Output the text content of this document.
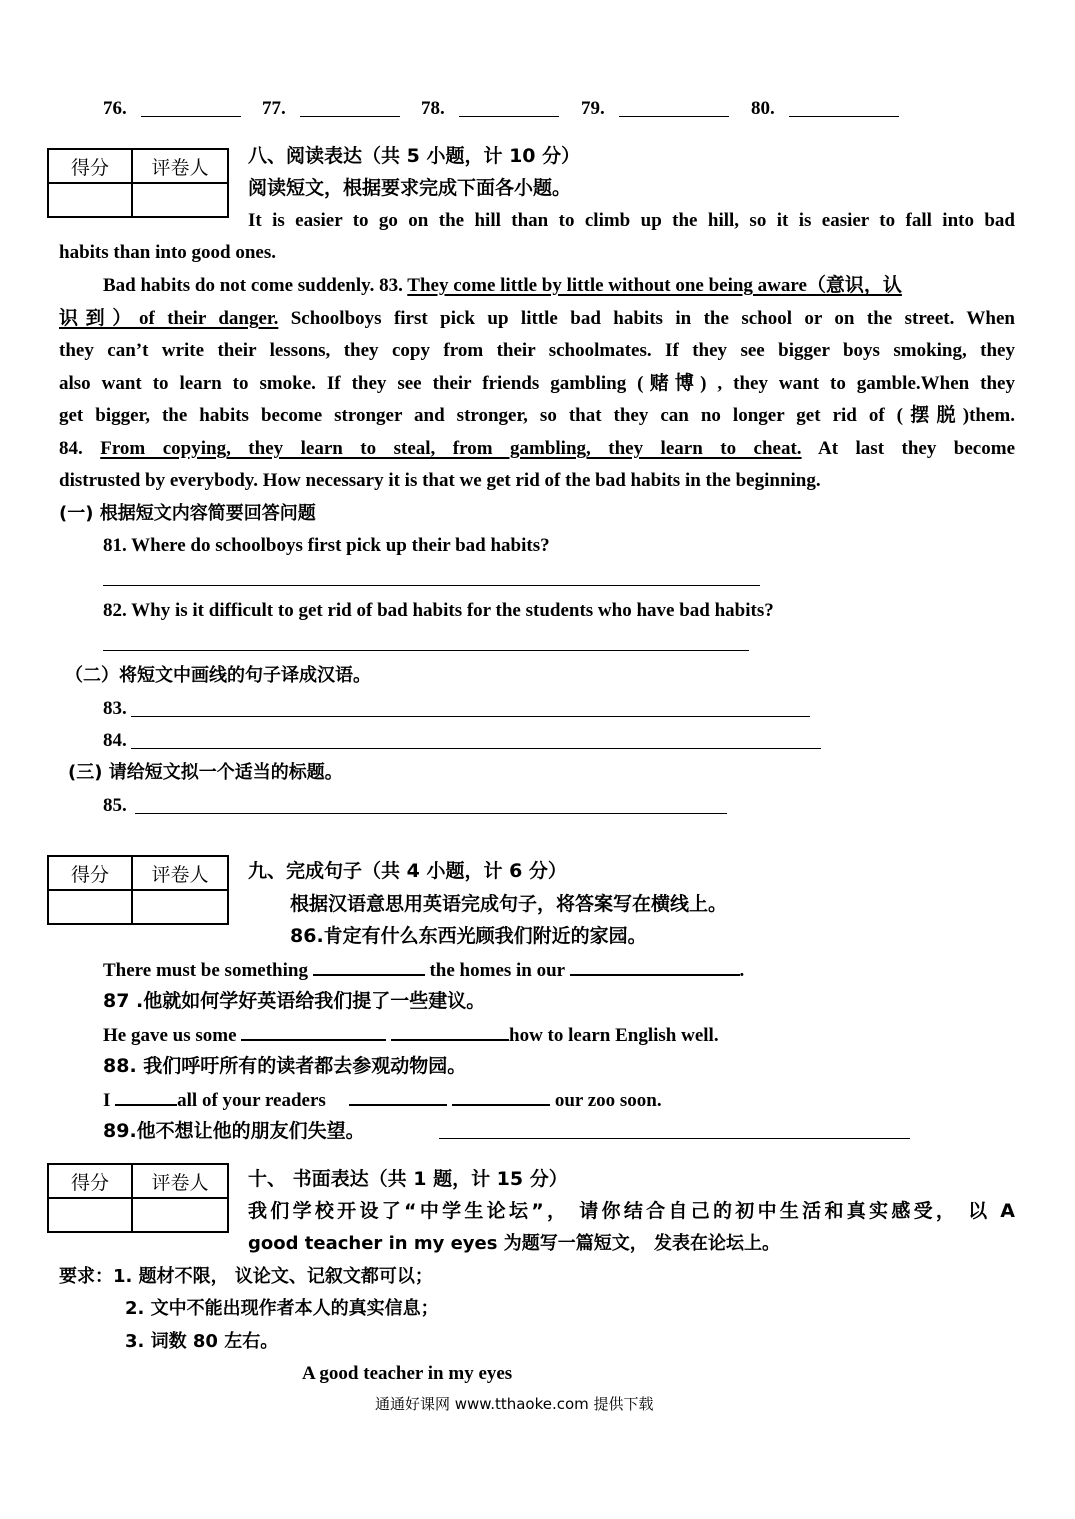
76.	77.	78.	79.	80.
得分	评卷人

八、阅读表达（共 5 小题，计 10 分）
阅读短文，根据要求完成下面各小题。
It is easier to go on the hill than to climb up the hill, so it is easier to fall into bad
habits than into good ones.
Bad habits do not come suddenly. 83. They come little by little without one being aware（意识，认
识到）of their danger. Schoolboys first pick up little bad habits in the school or on the street. When
they can’t write their lessons, they copy from their schoolmates. If they see bigger boys smoking, they
also want to learn to smoke. If they see their friends gambling (赌博) , they want to gamble.When they
get bigger, the habits become stronger and stronger, so that they can no longer get rid of (摆脱)them.
84. From copying, they learn to steal, from gambling, they learn to cheat. At last they become
distrusted by everybody. How necessary it is that we get rid of the bad habits in the beginning.
(一) 根据短文内容简要回答问题
81. Where do schoolboys first pick up their bad habits?
82. Why is it difficult to get rid of bad habits for the students who have bad habits?
（二）将短文中画线的句子译成汉语。
83.
84.
(三) 请给短文拟一个适当的标题。
85.
得分	评卷人
	九、完成句子（共 4 小题，计 6 分）
根据汉语意思用英语完成句子，将答案写在横线上。
86.肯定有什么东西光顾我们附近的家园。
There must be something	the homes in our	.
87 .他就如何学好英语给我们提了一些建议。
He gave us some	how to learn English well.
88. 我们呼吁所有的读者都去参观动物园。
I	all of your readers	our zoo soon.
89.他不想让他的朋友们失望。
得分	评卷人
	十、 书面表达（共 1 题，计 15 分）
我们学校开设了“中学生论坛”， 请你结合自己的初中生活和真实感受， 以 A
good teacher in my eyes 为题写一篇短文， 发表在论坛上。
要求：1. 题材不限， 议论文、记叙文都可以；
2. 文中不能出现作者本人的真实信息；
3. 词数 80 左右。
A good teacher in my eyes
通通好课网 www.tthaoke.com 提供下载
